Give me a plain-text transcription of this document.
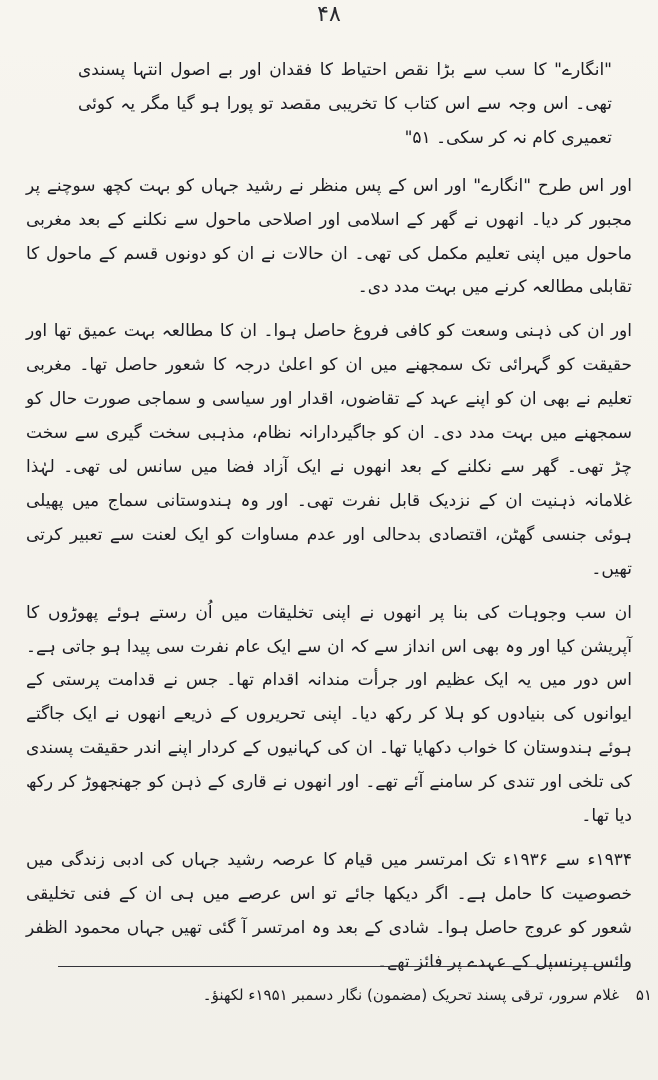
۴۸

"انگارے" کا سب سے بڑا نقص احتیاط کا فقدان اور بے اصول انتہا پسندی تھی۔ اس وجہ سے اس کتاب کا تخریبی مقصد تو پورا ہو گیا مگر یہ کوئی تعمیری کام نہ کر سکی۔ ۵۱"

اور اس طرح "انگارے" اور اس کے پس منظر نے رشید جہاں کو بہت کچھ سوچنے پر مجبور کر دیا۔ انھوں نے گھر کے اسلامی اور اصلاحی ماحول سے نکلنے کے بعد مغربی ماحول میں اپنی تعلیم مکمل کی تھی۔ ان حالات نے ان کو دونوں قسم کے ماحول کا تقابلی مطالعہ کرنے میں بہت مدد دی۔

اور ان کی ذہنی وسعت کو کافی فروغ حاصل ہوا۔ ان کا مطالعہ بہت عمیق تھا اور حقیقت کو گہرائی تک سمجھنے میں ان کو اعلیٰ درجہ کا شعور حاصل تھا۔ مغربی تعلیم نے بھی ان کو اپنے عہد کے تقاضوں، اقدار اور سیاسی و سماجی صورت حال کو سمجھنے میں بہت مدد دی۔ ان کو جاگیردارانہ نظام، مذہبی سخت گیری سے سخت چڑ تھی۔ گھر سے نکلنے کے بعد انھوں نے ایک آزاد فضا میں سانس لی تھی۔ لہٰذا غلامانہ ذہنیت ان کے نزدیک قابل نفرت تھی۔ اور وہ ہندوستانی سماج میں پھیلی ہوئی جنسی گھٹن، اقتصادی بدحالی اور عدم مساوات کو ایک لعنت سے تعبیر کرتی تھیں۔

ان سب وجوہات کی بنا پر انھوں نے اپنی تخلیقات میں اُن رستے ہوئے پھوڑوں کا آپریشن کیا اور وہ بھی اس انداز سے کہ ان سے ایک عام نفرت سی پیدا ہو جاتی ہے۔ اس دور میں یہ ایک عظیم اور جرأت مندانہ اقدام تھا۔ جس نے قدامت پرستی کے ایوانوں کی بنیادوں کو ہلا کر رکھ دیا۔ اپنی تحریروں کے ذریعے انھوں نے ایک جاگتے ہوئے ہندوستان کا خواب دکھایا تھا۔ ان کی کہانیوں کے کردار اپنے اندر حقیقت پسندی کی تلخی اور تندی کر سامنے آئے تھے۔ اور انھوں نے قاری کے ذہن کو جھنجھوڑ کر رکھ دیا تھا۔

۱۹۳۴ء سے ۱۹۳۶ء تک امرتسر میں قیام کا عرصہ رشید جہاں کی ادبی زندگی میں خصوصیت کا حامل ہے۔ اگر دیکھا جائے تو اس عرصے میں ہی ان کے فنی تخلیقی شعور کو عروج حاصل ہوا۔ شادی کے بعد وہ امرتسر آ گئی تھیں جہاں محمود الظفر وائس پرنسپل کے عہدے پر فائز تھے۔

۵۱ غلام سرور، ترقی پسند تحریک (مضمون) نگار دسمبر ۱۹۵۱ء لکھنؤ۔
